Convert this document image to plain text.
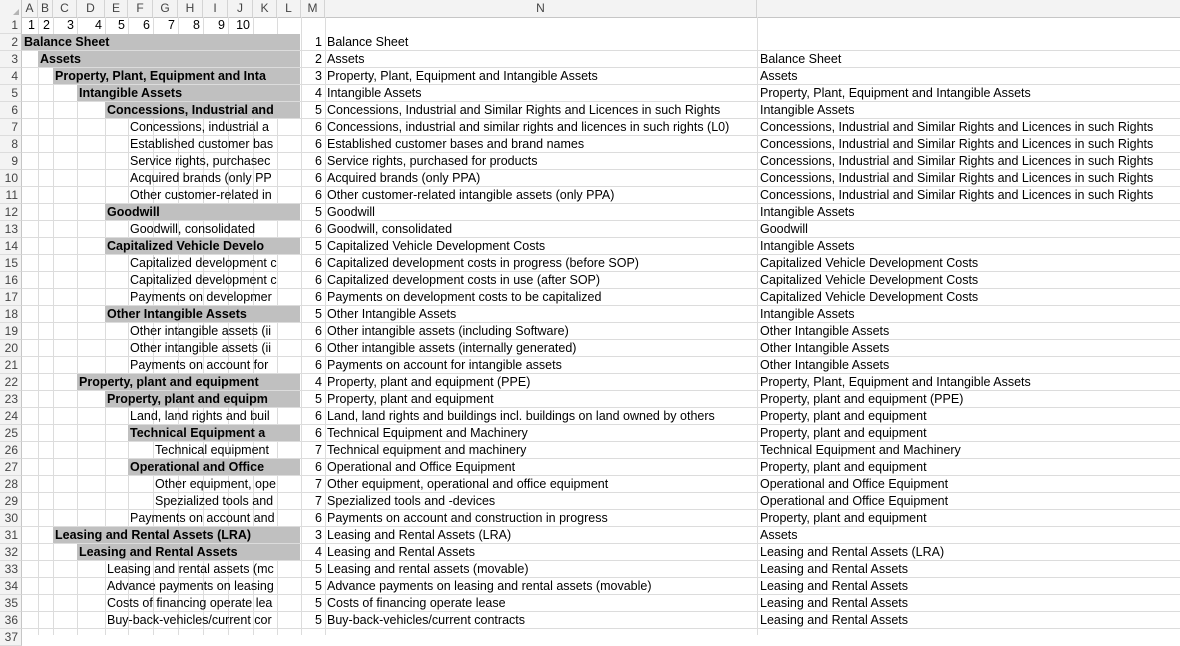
A B C	D	E	F	G	H	I	J	K	L	M	N
1 1 2	3	4	5	6	7	8	9 10
2 Balance Sheet	1 Balance Sheet
3	Assets	2 Assets	Balance Sheet
4	Property, Plant, Equipment and Inta	3 Property, Plant, Equipment and Intangible Assets	Assets
5	Intangible Assets	4 Intangible Assets	Property, Plant, Equipment and Intangible Assets
6	Concessions, Industrial and	5 Concessions, Industrial and Similar Rights and Licences in such Rights	Intangible Assets
7	Concessions, industrial a	6 Concessions, industrial and similar rights and licences in such rights (L0)	Concessions, Industrial and Similar Rights and Licences in such Rights
8	Established customer bas	6 Established customer bases and brand names	Concessions, Industrial and Similar Rights and Licences in such Rights
9	Service rights, purchasec	6 Service rights, purchased for products	Concessions, Industrial and Similar Rights and Licences in such Rights
10	Acquired brands (only PP	6 Acquired brands (only PPA)	Concessions, Industrial and Similar Rights and Licences in such Rights
11	Other customer-related in	6 Other customer-related intangible assets (only PPA)	Concessions, Industrial and Similar Rights and Licences in such Rights
12	Goodwill	5 Goodwill	Intangible Assets
13	Goodwill, consolidated	6 Goodwill, consolidated	Goodwill
14	Capitalized Vehicle Develo	5 Capitalized Vehicle Development Costs	Intangible Assets
15	Capitalized development c	6 Capitalized development costs in progress (before SOP)	Capitalized Vehicle Development Costs
16	Capitalized development c	6 Capitalized development costs in use (after SOP)	Capitalized Vehicle Development Costs
17	Payments on developmer	6 Payments on development costs to be capitalized	Capitalized Vehicle Development Costs
18	Other Intangible Assets	5 Other Intangible Assets	Intangible Assets
19	Other intangible assets (ii	6 Other intangible assets (including Software)	Other Intangible Assets
20	Other intangible assets (ii	6 Other intangible assets (internally generated)	Other Intangible Assets
21	Payments on account for	6 Payments on account for intangible assets	Other Intangible Assets
22	Property, plant and equipment	4 Property, plant and equipment (PPE)	Property, Plant, Equipment and Intangible Assets
23	Property, plant and equipm	5 Property, plant and equipment	Property, plant and equipment (PPE)
24	Land, land rights and buil	6 Land, land rights and buildings incl. buildings on land owned by others	Property, plant and equipment
25	Technical Equipment a	6 Technical Equipment and Machinery	Property, plant and equipment
26	Technical equipment	7 Technical equipment and machinery	Technical Equipment and Machinery
27	Operational and Office	6 Operational and Office Equipment	Property, plant and equipment
28	Other equipment, ope	7 Other equipment, operational and office equipment	Operational and Office Equipment
29	Spezialized tools and	7 Spezialized tools and -devices	Operational and Office Equipment
30	Payments on account and	6 Payments on account and construction in progress	Property, plant and equipment
31	Leasing and Rental Assets (LRA)	3 Leasing and Rental Assets (LRA)	Assets
32	Leasing and Rental Assets	4 Leasing and Rental Assets	Leasing and Rental Assets (LRA)
33	Leasing and rental assets (mc	5 Leasing and rental assets (movable)	Leasing and Rental Assets
34	Advance payments on leasing	5 Advance payments on leasing and rental assets (movable)	Leasing and Rental Assets
35	Costs of financing operate lea	5 Costs of financing operate lease	Leasing and Rental Assets
36	Buy-back-vehicles/current cor	5 Buy-back-vehicles/current contracts	Leasing and Rental Assets
37
